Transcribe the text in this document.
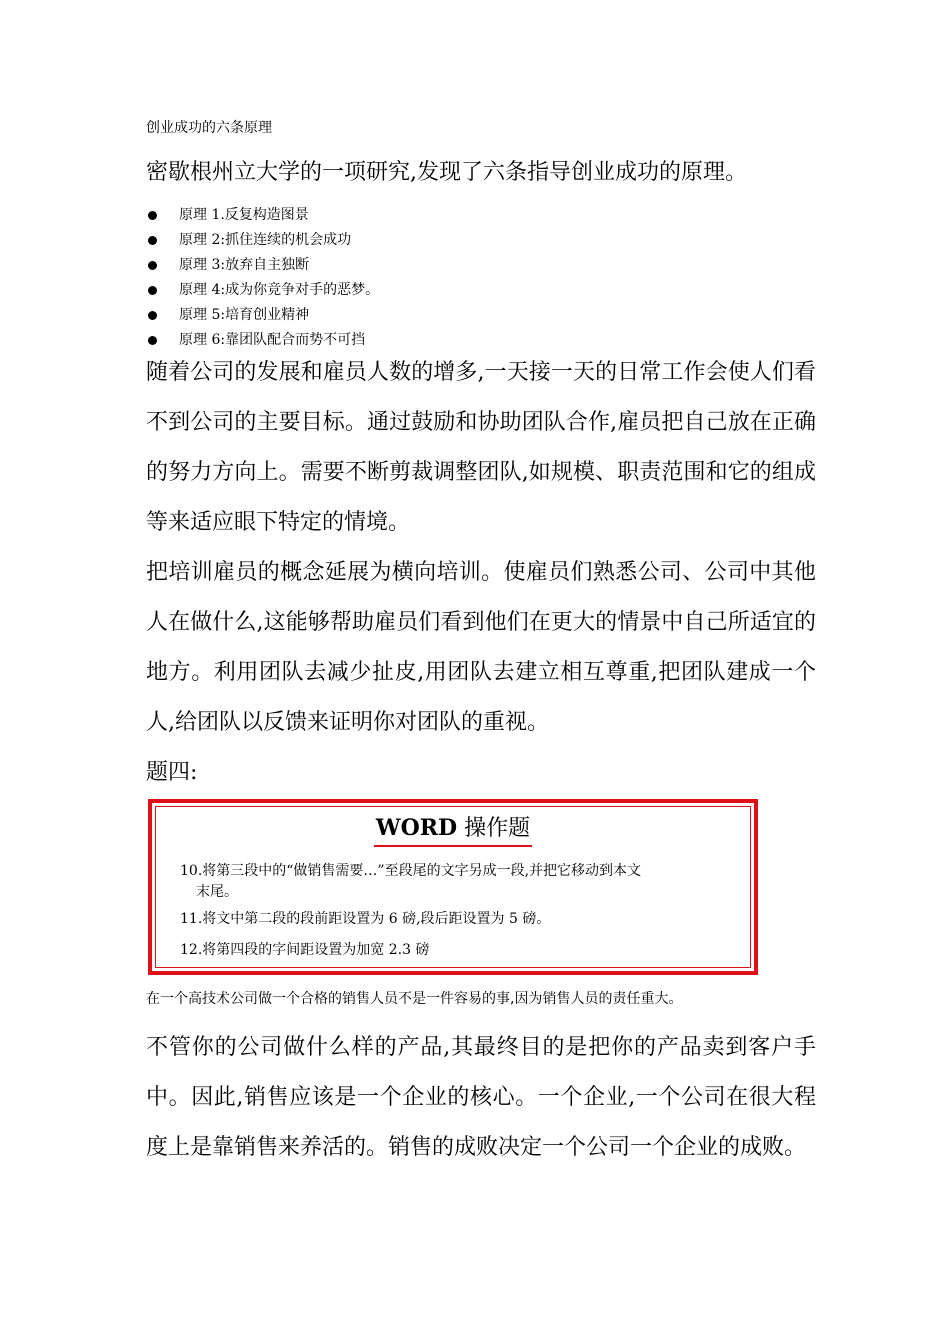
创业成功的六条原理

密歇根州立大学的一项研究,发现了六条指导创业成功的原理。

原理 1.反复构造图景
原理 2:抓住连续的机会成功
原理 3:放弃自主独断
原理 4:成为你竞争对手的恶梦。
原理 5:培育创业精神
原理 6:靠团队配合而势不可挡

随着公司的发展和雇员人数的增多,一天接一天的日常工作会使人们看不到公司的主要目标。通过鼓励和协助团队合作,雇员把自己放在正确的努力方向上。需要不断剪裁调整团队,如规模、职责范围和它的组成等来适应眼下特定的情境。

把培训雇员的概念延展为横向培训。使雇员们熟悉公司、公司中其他人在做什么,这能够帮助雇员们看到他们在更大的情景中自己所适宜的地方。利用团队去减少扯皮,用团队去建立相互尊重,把团队建成一个人,给团队以反馈来证明你对团队的重视。

题四:

WORD 操作题

10.将第三段中的“做销售需要…”至段尾的文字另成一段,并把它移动到本文
末尾。

11.将文中第二段的段前距设置为 6 磅,段后距设置为 5 磅。

12.将第四段的字间距设置为加宽 2.3 磅

在一个高技术公司做一个合格的销售人员不是一件容易的事,因为销售人员的责任重大。

不管你的公司做什么样的产品,其最终目的是把你的产品卖到客户手中。因此,销售应该是一个企业的核心。一个企业,一个公司在很大程度上是靠销售来养活的。销售的成败决定一个公司一个企业的成败。
